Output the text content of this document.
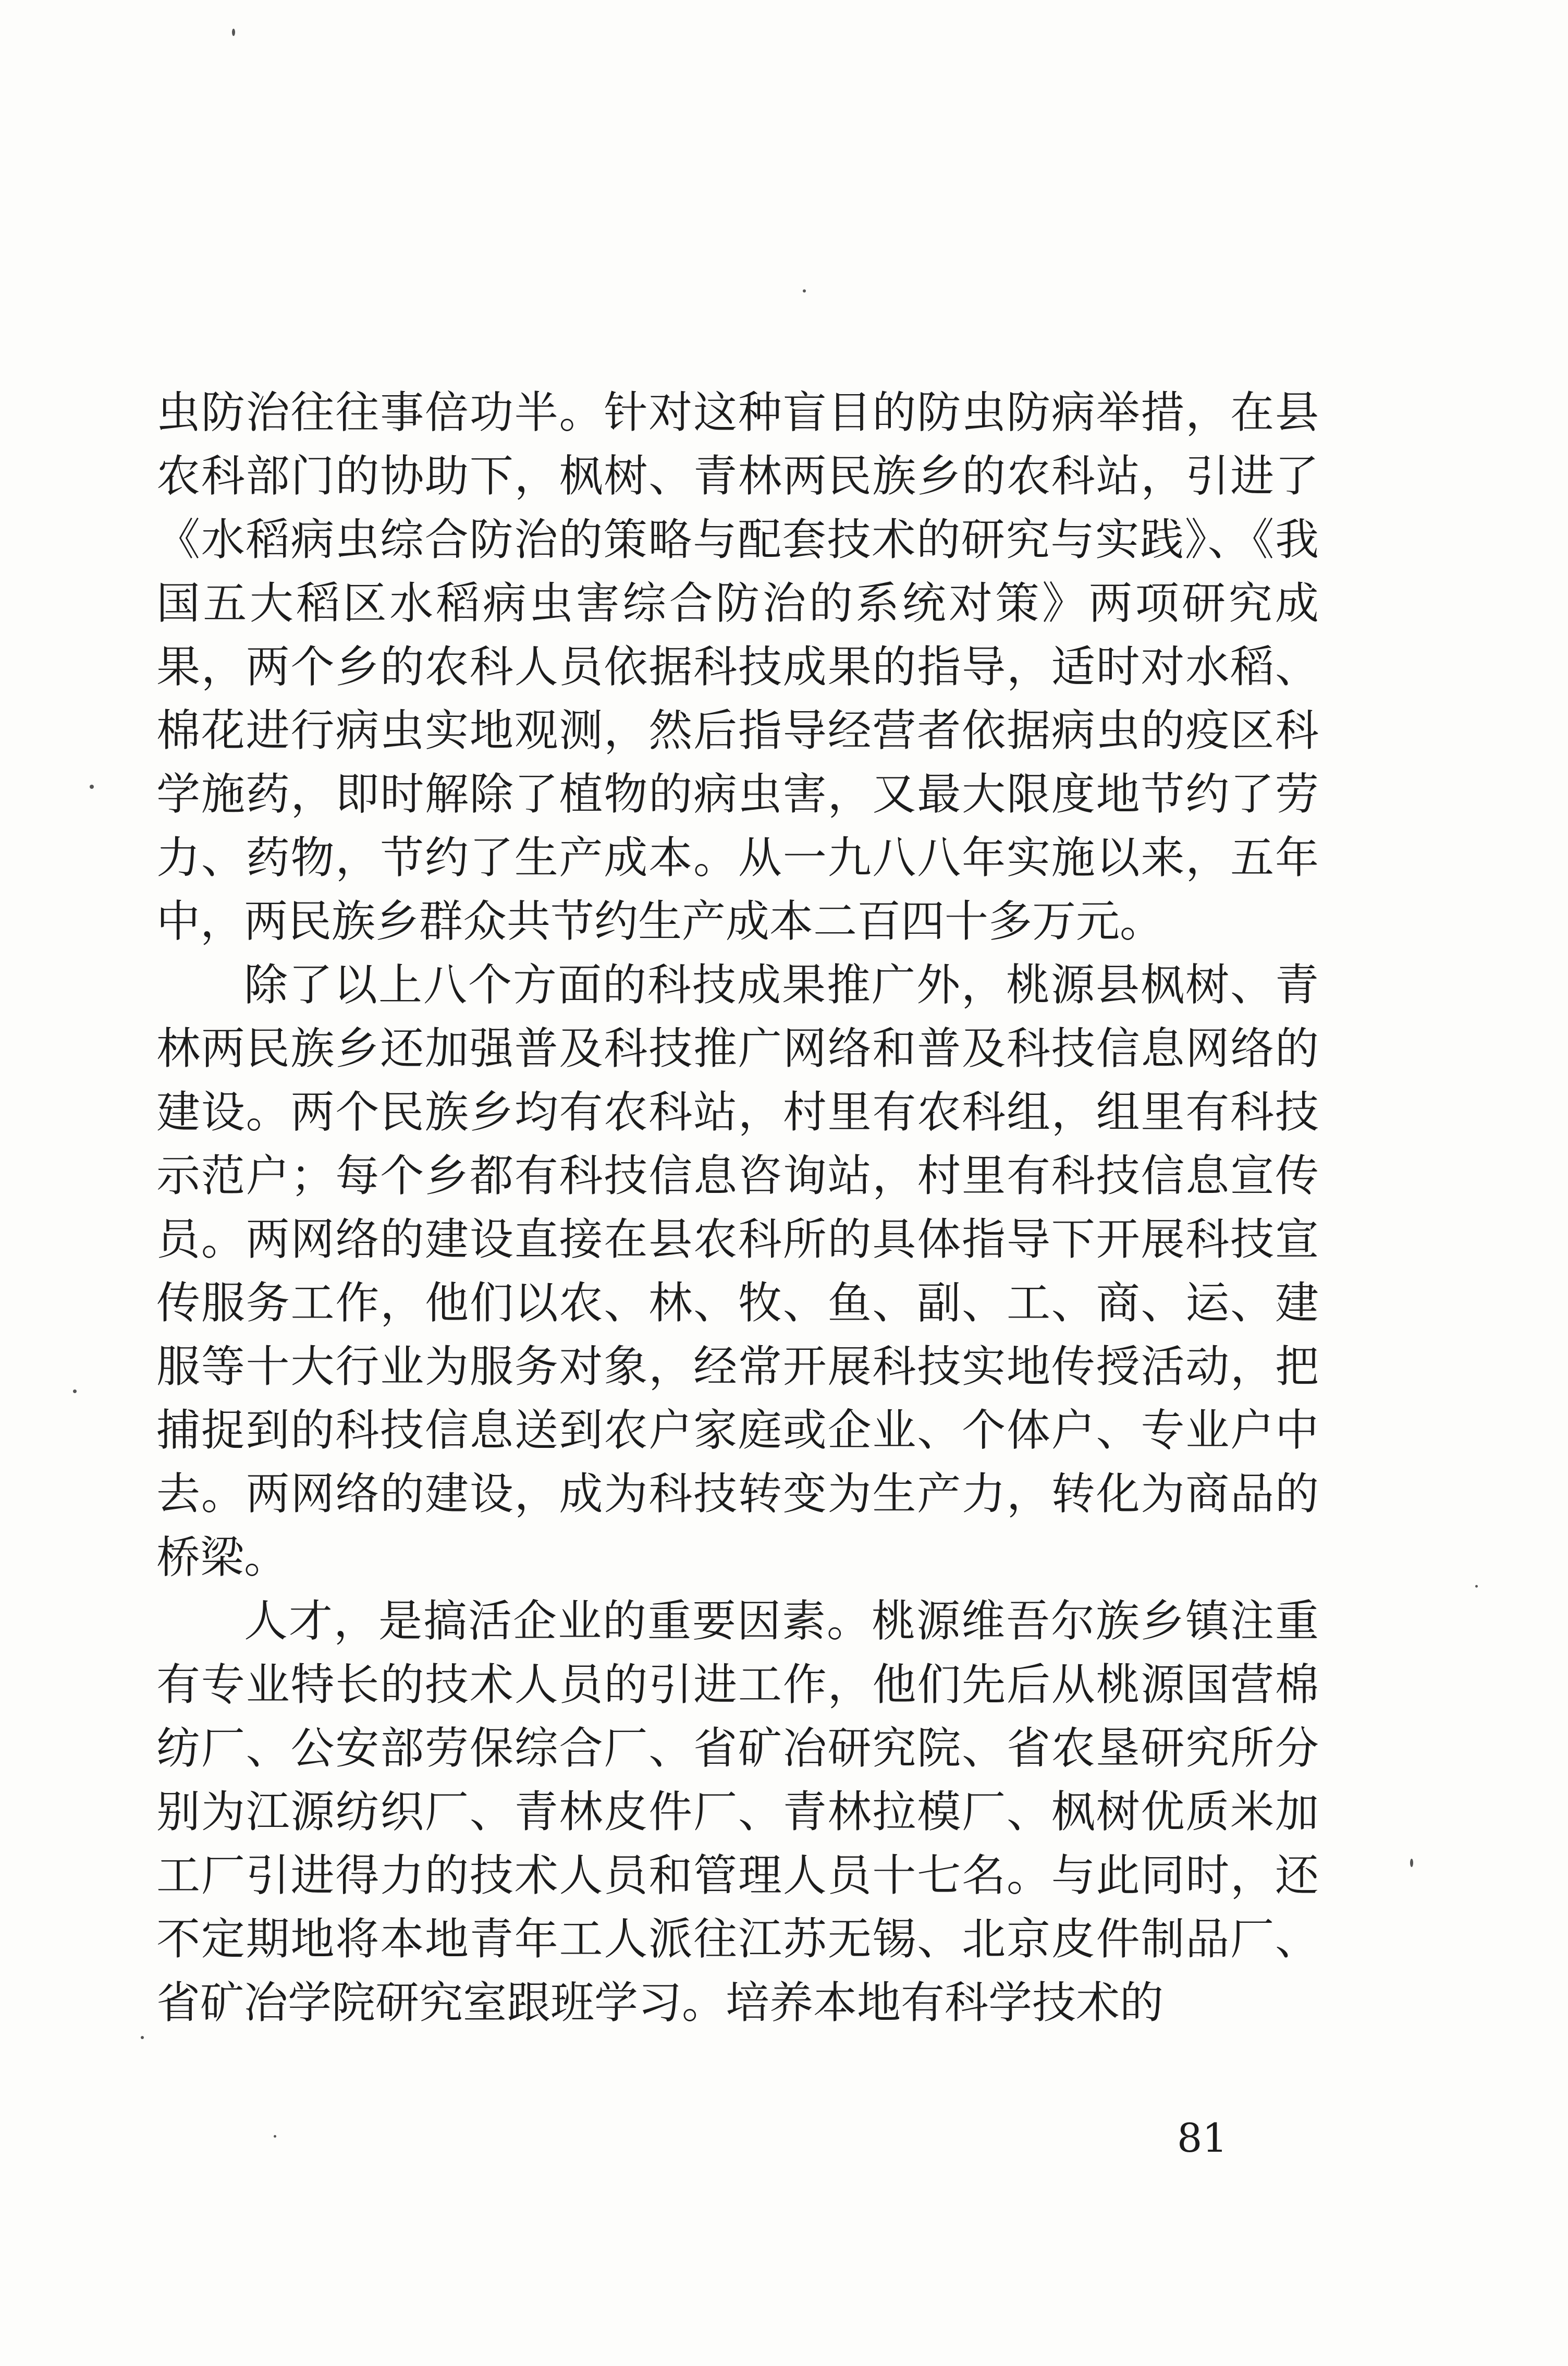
虫防治往往事倍功半。针对这种盲目的防虫防病举措，在县农科部门的协助下，枫树、青林两民族乡的农科站，引进了《水稻病虫综合防治的策略与配套技术的研究与实践》、《我国五大稻区水稻病虫害综合防治的系统对策》两项研究成果，两个乡的农科人员依据科技成果的指导，适时对水稻、棉花进行病虫实地观测，然后指导经营者依据病虫的疫区科学施药，即时解除了植物的病虫害，又最大限度地节约了劳力、药物，节约了生产成本。从一九八八年实施以来，五年中，两民族乡群众共节约生产成本二百四十多万元。

除了以上八个方面的科技成果推广外，桃源县枫树、青林两民族乡还加强普及科技推广网络和普及科技信息网络的建设。两个民族乡均有农科站，村里有农科组，组里有科技示范户；每个乡都有科技信息咨询站，村里有科技信息宣传员。两网络的建设直接在县农科所的具体指导下开展科技宣传服务工作，他们以农、林、牧、鱼、副、工、商、运、建服等十大行业为服务对象，经常开展科技实地传授活动，把捕捉到的科技信息送到农户家庭或企业、个体户、专业户中去。两网络的建设，成为科技转变为生产力，转化为商品的桥梁。

人才，是搞活企业的重要因素。桃源维吾尔族乡镇注重有专业特长的技术人员的引进工作，他们先后从桃源国营棉纺厂、公安部劳保综合厂、省矿冶研究院、省农垦研究所分别为江源纺织厂、青林皮件厂、青林拉模厂、枫树优质米加工厂引进得力的技术人员和管理人员十七名。与此同时，还不定期地将本地青年工人派往江苏无锡、北京皮件制品厂、省矿冶学院研究室跟班学习。培养本地有科学技术的

81
